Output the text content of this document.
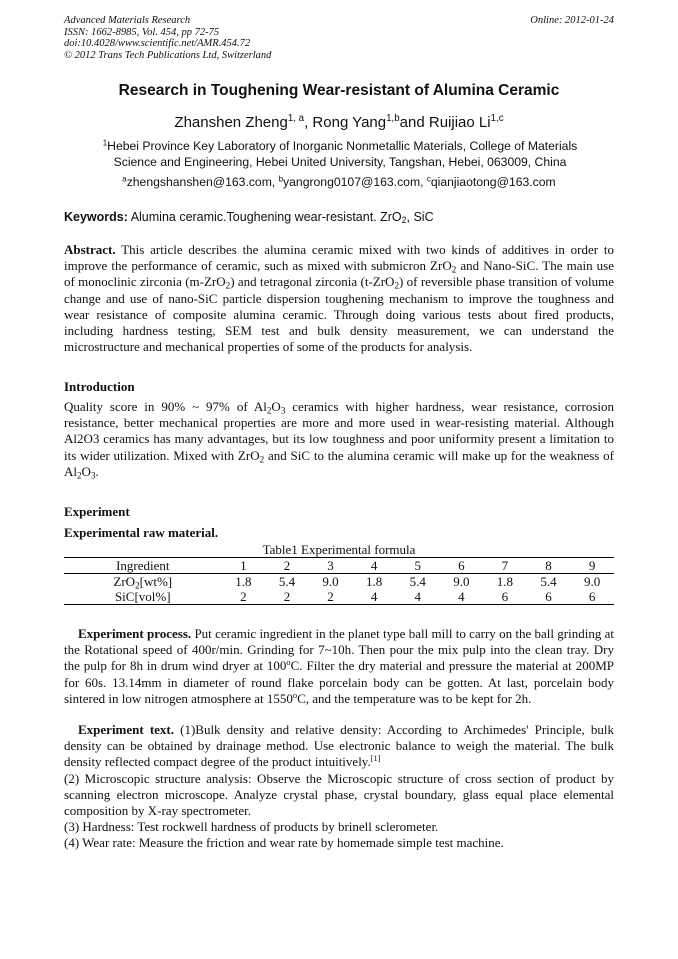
Advanced Materials Research
ISSN: 1662-8985, Vol. 454, pp 72-75
doi:10.4028/www.scientific.net/AMR.454.72
© 2012 Trans Tech Publications Ltd, Switzerland
Online: 2012-01-24
Research in Toughening Wear-resistant of Alumina Ceramic
Zhanshen Zheng$^{1, a}$, Rong Yang$^{1,b}$and Ruijiao Li$^{1,c}$
$^1$Hebei Province Key Laboratory of Inorganic Nonmetallic Materials, College of Materials Science and Engineering, Hebei United University, Tangshan, Hebei, 063009, China
$^a$zhengshanshen@163.com, $^b$yangrong0107@163.com, $^c$qianjiaotong@163.com
Keywords: Alumina ceramic.Toughening wear-resistant. ZrO$_2$, SiC
Abstract. This article describes the alumina ceramic mixed with two kinds of additives in order to improve the performance of ceramic, such as mixed with submicron ZrO$_2$ and Nano-SiC. The main use of monoclinic zirconia (m-ZrO$_2$) and tetragonal zirconia (t-ZrO$_2$) of reversible phase transition of volume change and use of nano-SiC particle dispersion toughening mechanism to improve the toughness and wear resistance of composite alumina ceramic. Through doing various tests about fired products, including hardness testing, SEM test and bulk density measurement, we can understand the microstructure and mechanical properties of some of the products for analysis.
Introduction
Quality score in 90% ~ 97% of $Al_2O_3$ ceramics with higher hardness, wear resistance, corrosion resistance, better mechanical properties are more and more used in wear-resisting material. Although Al2O3 ceramics has many advantages, but its low toughness and poor uniformity present a limitation to its wider utilization. Mixed with ZrO$_2$ and SiC to the alumina ceramic will make up for the weakness of $Al_2O_3$.
Experiment
Experimental raw material.
Table1 Experimental formula
Ingredient	1	2	3	4	5	6	7	8	9
ZrO$_2$[wt%]	1.8	5.4	9.0	1.8	5.4	9.0	1.8	5.4	9.0
SiC[vol%]	2	2	2	4	4	4	6	6	6

Experiment process. Put ceramic ingredient in the planet type ball mill to carry on the ball grinding at the Rotational speed of 400r/min. Grinding for 7~10h. Then pour the mix pulp into the clean tray. Dry the pulp for 8h in drum wind dryer at 100$^o$C. Filter the dry material and pressure the material at 200MP for 60s. 13.14mm in diameter of round flake porcelain body can be gotten. At last, porcelain body sintered in low nitrogen atmosphere at 1550$^o$C, and the temperature was to be kept for 2h.

Experiment text. (1)Bulk density and relative density: According to Archimedes' Principle, bulk density can be obtained by drainage method. Use electronic balance to weigh the material. The bulk density reflected compact degree of the product intuitively.[1]

(2) Microscopic structure analysis: Observe the Microscopic structure of cross section of product by scanning electron microscope. Analyze crystal phase, crystal boundary, glass equal place elemental composition by X-ray spectrometer.

(3) Hardness: Test rockwell hardness of products by brinell sclerometer.

(4) Wear rate: Measure the friction and wear rate by homemade simple test machine.
